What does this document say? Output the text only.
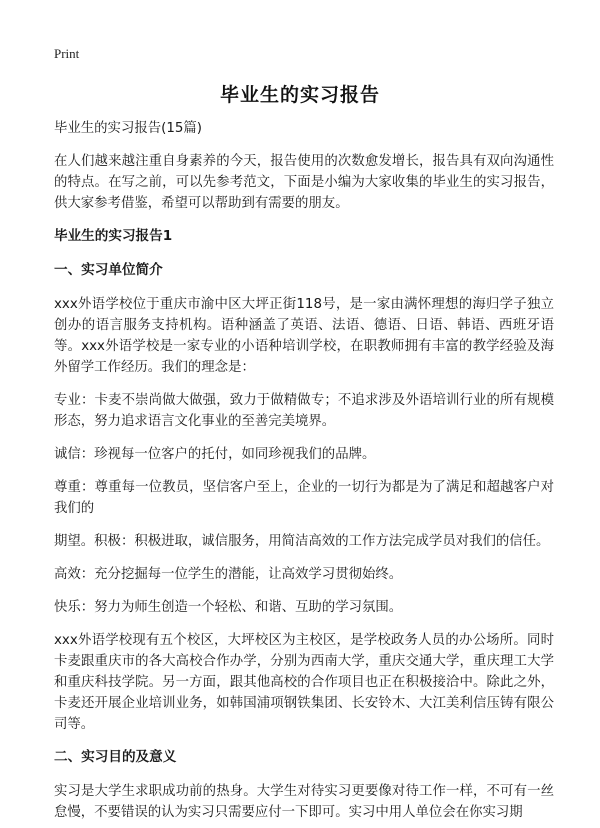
Print
毕业生的实习报告

毕业生的实习报告(15篇)

在人们越来越注重自身素养的今天，报告使用的次数愈发增长，报告具有双向沟通性的特点。在写之前，可以先参考范文，下面是小编为大家收集的毕业生的实习报告，供大家参考借鉴，希望可以帮助到有需要的朋友。

毕业生的实习报告1
一、实习单位简介

xxx外语学校位于重庆市渝中区大坪正街118号，是一家由满怀理想的海归学子独立创办的语言服务支持机构。语种涵盖了英语、法语、德语、日语、韩语、西班牙语等。xxx外语学校是一家专业的小语种培训学校，在职教师拥有丰富的教学经验及海外留学工作经历。我们的理念是：

专业：卡麦不崇尚做大做强，致力于做精做专；不追求涉及外语培训行业的所有规模形态，努力追求语言文化事业的至善完美境界。

诚信：珍视每一位客户的托付，如同珍视我们的品牌。

尊重：尊重每一位教员，坚信客户至上，企业的一切行为都是为了满足和超越客户对我们的

期望。积极：积极进取，诚信服务，用简洁高效的工作方法完成学员对我们的信任。

高效：充分挖掘每一位学生的潜能，让高效学习贯彻始终。

快乐：努力为师生创造一个轻松、和谐、互助的学习氛围。

xxx外语学校现有五个校区，大坪校区为主校区，是学校政务人员的办公场所。同时卡麦跟重庆市的各大高校合作办学，分别为西南大学，重庆交通大学，重庆理工大学和重庆科技学院。另一方面，跟其他高校的合作项目也正在积极接洽中。除此之外，卡麦还开展企业培训业务，如韩国浦项钢铁集团、长安铃木、大江美利信压铸有限公司等。

二、实习目的及意义

实习是大学生求职成功前的热身。大学生对待实习更要像对待工作一样，不可有一丝怠慢，不要错误的认为实习只需要应付一下即可。实习中用人单位会在你实习期
